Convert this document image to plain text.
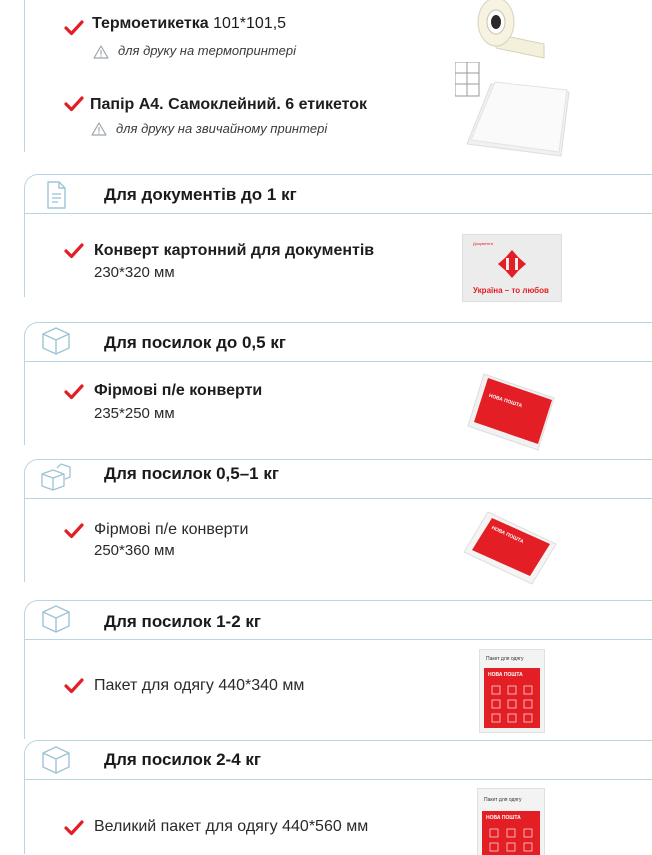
Термоетикетка 101*101,5
для друку на термопринтері
Папір А4. Самоклейний. 6 етикеток
для друку на звичайному принтері
Для документів до 1 кг
Конверт картонний для документів
230*320 мм
Документи
Україна – то любов
Для посилок до 0,5 кг
Фірмові п/е конверти
235*250 мм
НОВА ПОШТА
Для посилок 0,5–1 кг
Фірмові п/е конверти
250*360 мм
НОВА ПОШТА
Для посилок 1-2 кг
Пакет для одягу 440*340 мм
Пакет для одягу
НОВА ПОШТА
Для посилок 2-4 кг
Великий пакет для одягу 440*560 мм
Пакет для одягу
НОВА ПОШТА
